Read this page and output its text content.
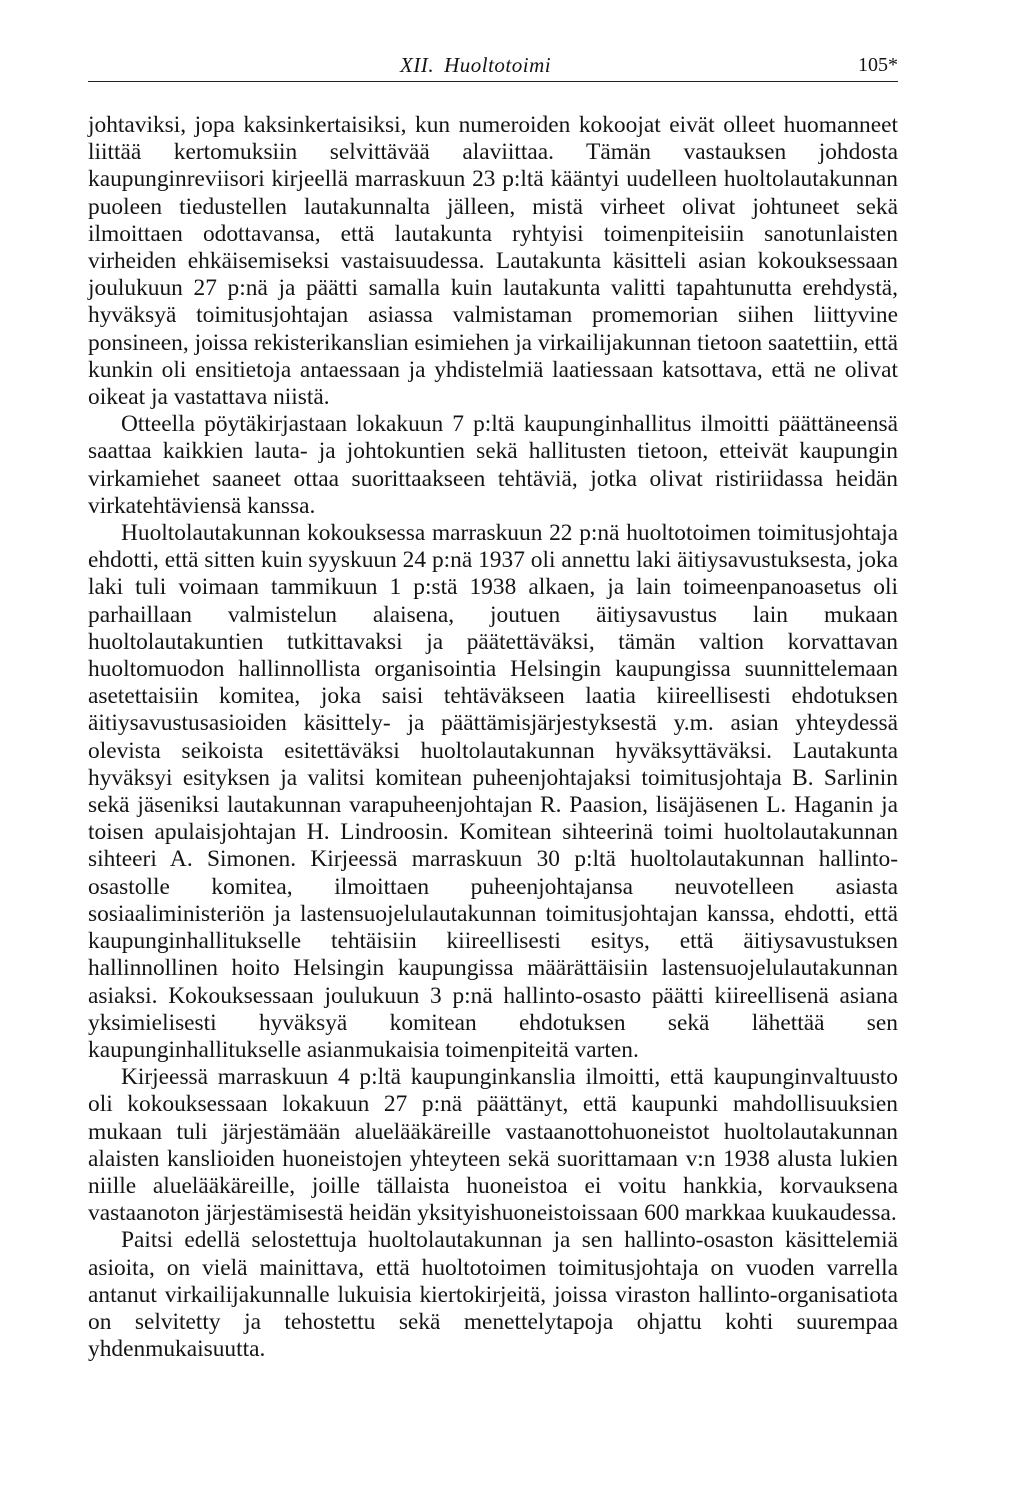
XII. Huoltotoimi	105*

johtaviksi, jopa kaksinkertaisiksi, kun numeroiden kokoojat eivät olleet huomanneet liittää kertomuksiin selvittävää alaviittaa. Tämän vastauksen johdosta kaupunginreviisori kirjeellä marraskuun 23 p:ltä kääntyi uudelleen huoltolautakunnan puoleen tiedustellen lautakunnalta jälleen, mistä virheet olivat johtuneet sekä ilmoittaen odottavansa, että lautakunta ryhtyisi toimenpiteisiin sanotunlaisten virheiden ehkäisemiseksi vastaisuudessa. Lautakunta käsitteli asian kokouksessaan joulukuun 27 p:nä ja päätti samalla kuin lautakunta valitti tapahtunutta erehdystä, hyväksyä toimitusjohtajan asiassa valmistaman promemorian siihen liittyvine ponsineen, joissa rekisterikanslian esimiehen ja virkailijakunnan tietoon saatettiin, että kunkin oli ensitietoja antaessaan ja yhdistelmiä laatiessaan katsottava, että ne olivat oikeat ja vastattava niistä.

Otteella pöytäkirjastaan lokakuun 7 p:ltä kaupunginhallitus ilmoitti päättäneensä saattaa kaikkien lauta- ja johtokuntien sekä hallitusten tietoon, etteivät kaupungin virkamiehet saaneet ottaa suorittaakseen tehtäviä, jotka olivat ristiriidassa heidän virkatehtäviensä kanssa.

Huoltolautakunnan kokouksessa marraskuun 22 p:nä huoltotoimen toimitusjohtaja ehdotti, että sitten kuin syyskuun 24 p:nä 1937 oli annettu laki äitiysavustuksesta, joka laki tuli voimaan tammikuun 1 p:stä 1938 alkaen, ja lain toimeenpanoasetus oli parhaillaan valmistelun alaisena, joutuen äitiysavustus lain mukaan huoltolautakuntien tutkittavaksi ja päätettäväksi, tämän valtion korvattavan huoltomuodon hallinnollista organisointia Helsingin kaupungissa suunnittelemaan asetettaisiin komitea, joka saisi tehtäväkseen laatia kiireellisesti ehdotuksen äitiysavustusasioiden käsittely- ja päättämisjärjestyksestä y.m. asian yhteydessä olevista seikoista esitettäväksi huoltolautakunnan hyväksyttäväksi. Lautakunta hyväksyi esityksen ja valitsi komitean puheenjohtajaksi toimitusjohtaja B. Sarlinin sekä jäseniksi lautakunnan varapuheenjohtajan R. Paasion, lisäjäsenen L. Haganin ja toisen apulaisjohtajan H. Lindroosin. Komitean sihteerinä toimi huoltolautakunnan sihteeri A. Simonen. Kirjeessä marraskuun 30 p:ltä huoltolautakunnan hallinto-osastolle komitea, ilmoittaen puheenjohtajansa neuvotelleen asiasta sosiaaliministeriön ja lastensuojelulautakunnan toimitusjohtajan kanssa, ehdotti, että kaupunginhallitukselle tehtäisiin kiireellisesti esitys, että äitiysavustuksen hallinnollinen hoito Helsingin kaupungissa määrättäisiin lastensuojelulautakunnan asiaksi. Kokouksessaan joulukuun 3 p:nä hallinto-osasto päätti kiireellisenä asiana yksimielisesti hyväksyä komitean ehdotuksen sekä lähettää sen kaupunginhallitukselle asianmukaisia toimenpiteitä varten.

Kirjeessä marraskuun 4 p:ltä kaupunginkanslia ilmoitti, että kaupunginvaltuusto oli kokouksessaan lokakuun 27 p:nä päättänyt, että kaupunki mahdollisuuksien mukaan tuli järjestämään aluelääkäreille vastaanottohuoneistot huoltolautakunnan alaisten kanslioiden huoneistojen yhteyteen sekä suorittamaan v:n 1938 alusta lukien niille aluelääkäreille, joille tällaista huoneistoa ei voitu hankkia, korvauksena vastaanoton järjestämisestä heidän yksityishuoneistoissaan 600 markkaa kuukaudessa.

Paitsi edellä selostettuja huoltolautakunnan ja sen hallinto-osaston käsittelemiä asioita, on vielä mainittava, että huoltotoimen toimitusjohtaja on vuoden varrella antanut virkailijakunnalle lukuisia kiertokirjeitä, joissa viraston hallinto-organisatiota on selvitetty ja tehostettu sekä menettelytapoja ohjattu kohti suurempaa yhdenmukaisuutta.
